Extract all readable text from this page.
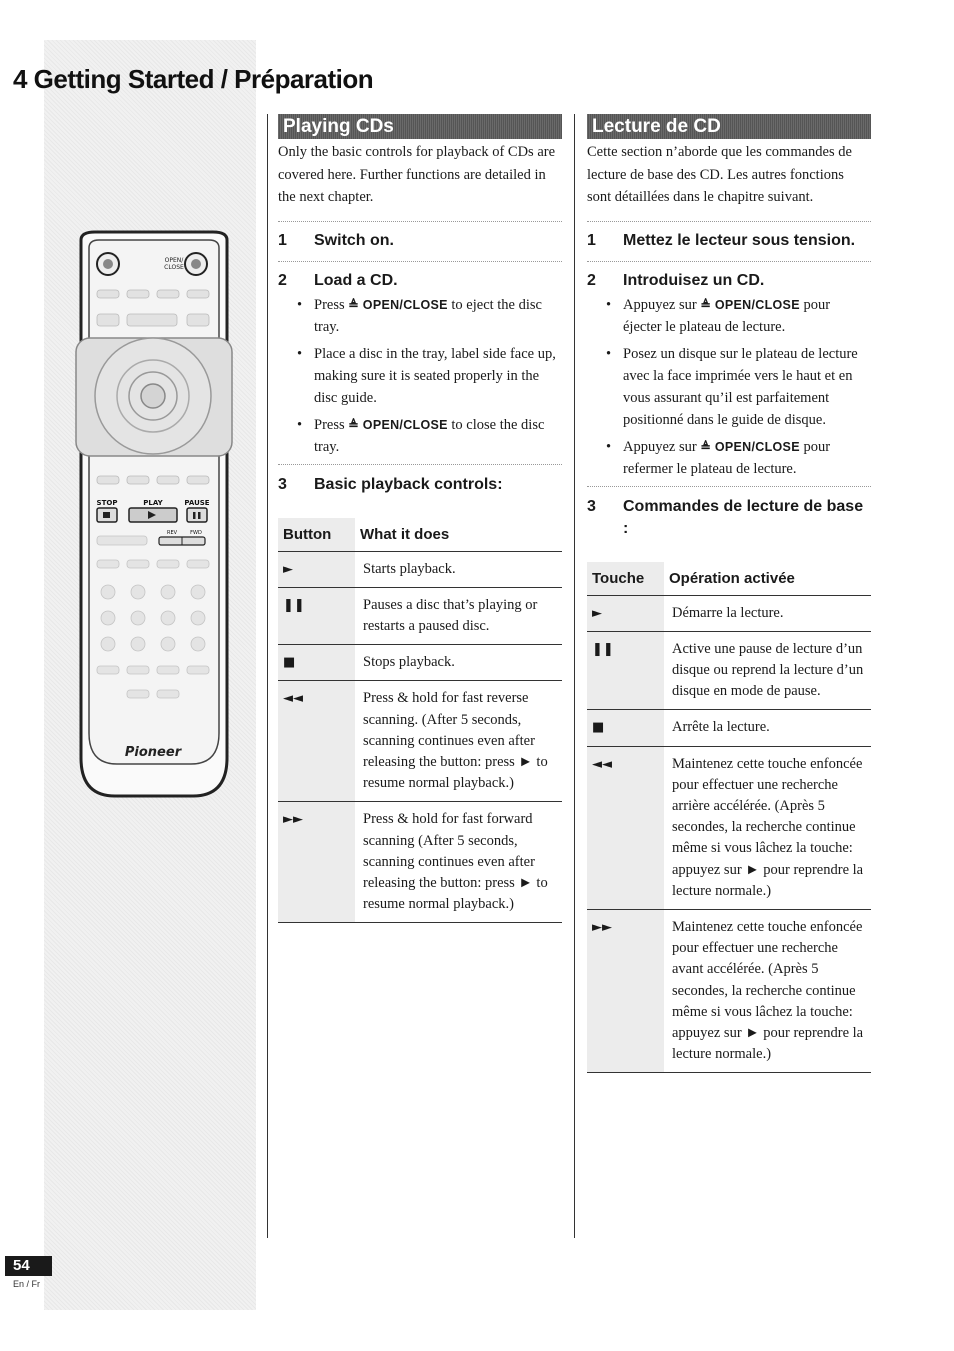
4 Getting Started / Préparation
OPEN/
CLOSE
STOP	PLAY	PAUSE
REV	FWD
Pioneer
Playing CDs

Only the basic controls for playback of CDs are covered here. Further functions are detailed in the next chapter.

1	Switch on.
2	Load a CD.
• Press ≜ OPEN/CLOSE to eject the disc tray.
• Place a disc in the tray, label side face up, making sure it is seated properly in the disc guide.
• Press ≜ OPEN/CLOSE to close the disc tray.
3	Basic playback controls:
Button	What it does
►	Starts playback.
❚❚	Pauses a disc that’s playing or restarts a paused disc.
■	Stops playback.
◄◄	Press & hold for fast reverse scanning. (After 5 seconds, scanning continues even after releasing the button: press ► to resume normal playback.)
►►	Press & hold for fast forward scanning (After 5 seconds, scanning continues even after releasing the button: press ► to resume normal playback.)
Lecture de CD

Cette section n’aborde que les commandes de lecture de base des CD. Les autres fonctions sont détaillées dans le chapitre suivant.

1	Mettez le lecteur sous tension.
2	Introduisez un CD.
• Appuyez sur ≜ OPEN/CLOSE pour éjecter le plateau de lecture.
• Posez un disque sur le plateau de lecture avec la face imprimée vers le haut et en vous assurant qu’il est parfaitement positionné dans le guide de disque.
• Appuyez sur ≜ OPEN/CLOSE pour refermer le plateau de lecture.
3	Commandes de lecture de base :
Touche	Opération activée
►	Démarre la lecture.
❚❚	Active une pause de lecture d’un disque ou reprend la lecture d’un disque en mode de pause.
■	Arrête la lecture.
◄◄	Maintenez cette touche enfoncée pour effectuer une recherche arrière accélérée. (Après 5 secondes, la recherche continue même si vous lâchez la touche: appuyez sur ► pour reprendre la lecture normale.)
►►	Maintenez cette touche enfoncée pour effectuer une recherche avant accélérée. (Après 5 secondes, la recherche continue même si vous lâchez la touche: appuyez sur ► pour reprendre la lecture normale.)
54
En / Fr
